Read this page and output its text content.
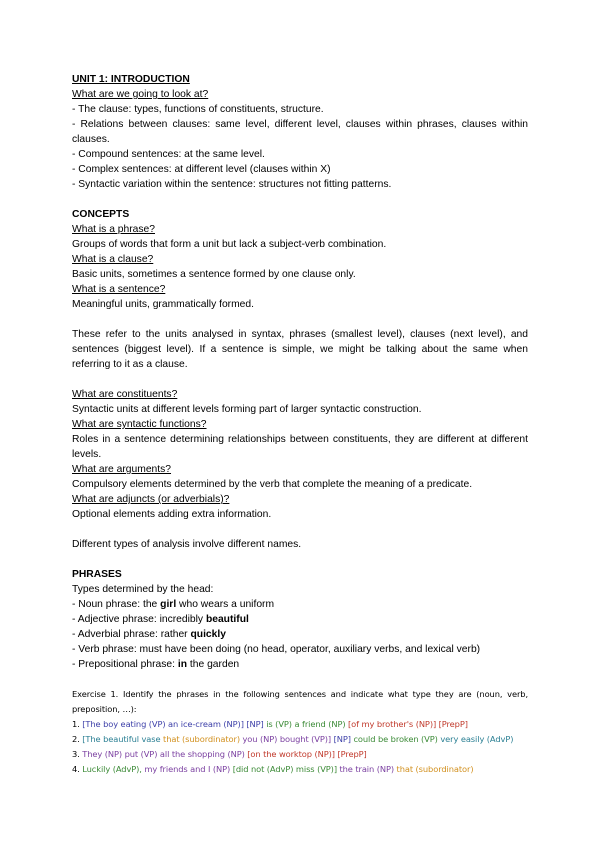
UNIT 1: INTRODUCTION

What are we going to look at?

- The clause: types, functions of constituents, structure.

- Relations between clauses: same level, different level, clauses within phrases, clauses within clauses.

- Compound sentences: at the same level.

- Complex sentences: at different level (clauses within X)

- Syntactic variation within the sentence: structures not fitting patterns.

CONCEPTS

What is a phrase?

Groups of words that form a unit but lack a subject-verb combination.

What is a clause?

Basic units, sometimes a sentence formed by one clause only.

What is a sentence?

Meaningful units, grammatically formed.

These refer to the units analysed in syntax, phrases (smallest level), clauses (next level), and sentences (biggest level). If a sentence is simple, we might be talking about the same when referring to it as a clause.

What are constituents?

Syntactic units at different levels forming part of larger syntactic construction.

What are syntactic functions?

Roles in a sentence determining relationships between constituents, they are different at different levels.

What are arguments?

Compulsory elements determined by the verb that complete the meaning of a predicate.

What are adjuncts (or adverbials)?

Optional elements adding extra information.

Different types of analysis involve different names.

PHRASES

Types determined by the head:

- Noun phrase: the girl who wears a uniform

- Adjective phrase: incredibly beautiful

- Adverbial phrase: rather quickly

- Verb phrase: must have been doing (no head, operator, auxiliary verbs, and lexical verb)

- Prepositional phrase: in the garden

Exercise 1. Identify the phrases in the following sentences and indicate what type they are (noun, verb, preposition, …):

1. [The boy eating (VP) an ice-cream (NP)] [NP] is (VP) a friend (NP) [of my brother's (NP)] [PrepP]

2. [The beautiful vase that (subordinator) you (NP) bought (VP)] [NP] could be broken (VP) very easily (AdvP)

3. They (NP) put (VP) all the shopping (NP) [on the worktop (NP)] [PrepP]

4. Luckily (AdvP), my friends and I (NP) [did not (AdvP) miss (VP)] the train (NP) that (subordinator)
